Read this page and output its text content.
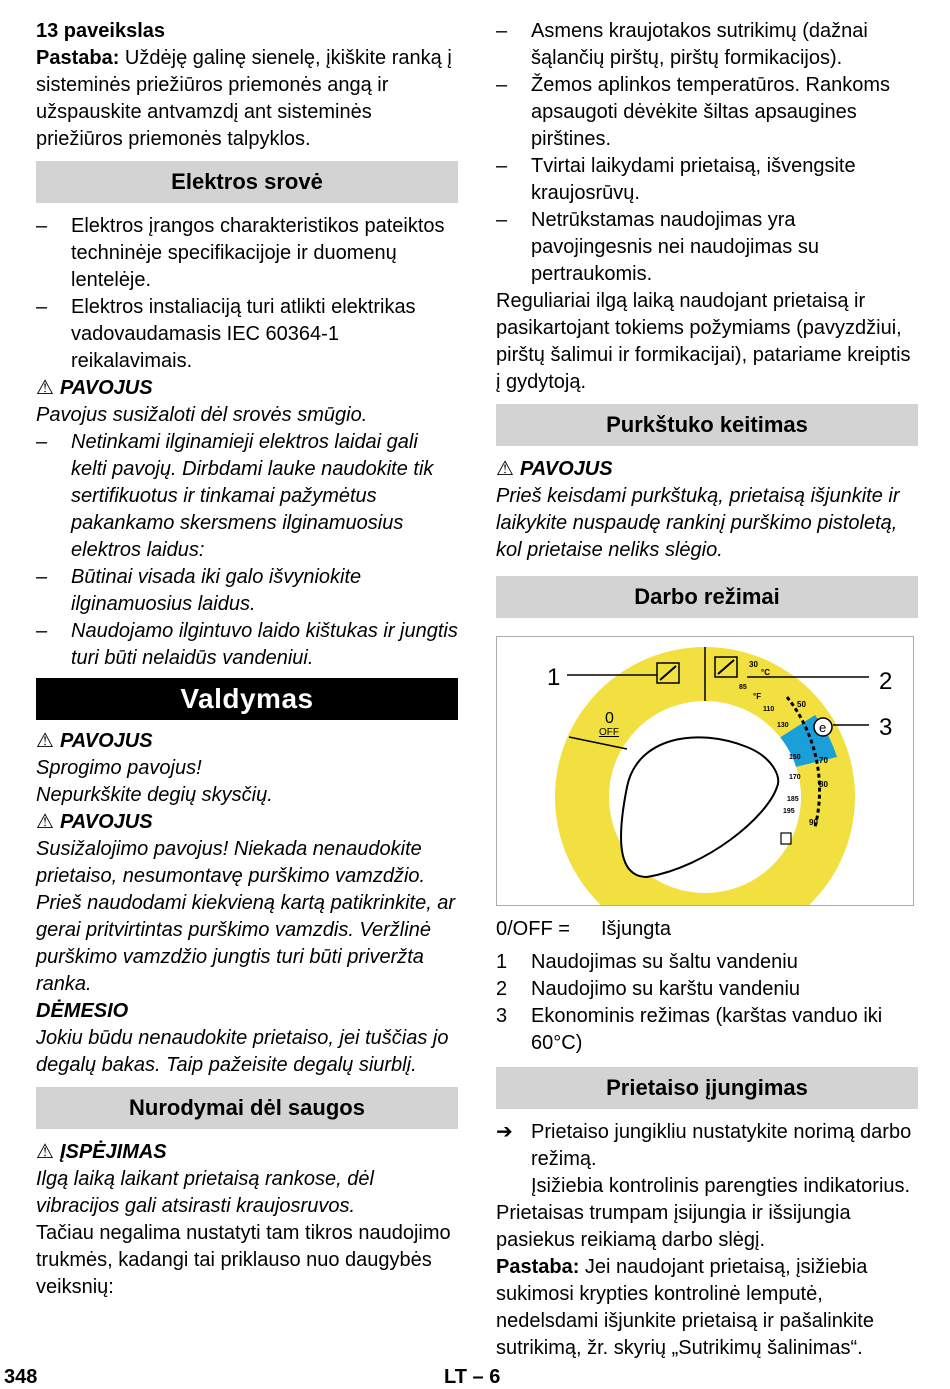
13 paveikslas

Pastaba: Uždėję galinę sienelę, įkiškite ranką į sisteminės priežiūros priemonės angą ir užspauskite antvamzdį ant sisteminės priežiūros priemonės talpyklos.

Elektros srovė
– Elektros įrangos charakteristikos pateiktos techninėje specifikacijoje ir duomenų lentelėje.
– Elektros instaliaciją turi atlikti elektrikas vadovaudamasis IEC 60364-1 reikalavimais.
⚠ PAVOJUS

Pavojus susižaloti dėl srovės smūgio.

– Netinkami ilginamieji elektros laidai gali kelti pavojų. Dirbdami lauke naudokite tik sertifikuotus ir tinkamai pažymėtus pakankamo skersmens ilginamuosius elektros laidus:
– Būtinai visada iki galo išvyniokite ilginamuosius laidus.
– Naudojamo ilgintuvo laido kištukas ir jungtis turi būti nelaidūs vandeniui.
Valdymas
⚠ PAVOJUS

Sprogimo pavojus!

Nepurkškite degių skysčių.

⚠ PAVOJUS

Susižalojimo pavojus! Niekada nenaudokite prietaiso, nesumontavę purškimo vamzdžio. Prieš naudodami kiekvieną kartą patikrinkite, ar gerai pritvirtintas purškimo vamzdis. Veržlinė purškimo vamzdžio jungtis turi būti priveržta ranka.

DĖMESIO

Jokiu būdu nenaudokite prietaiso, jei tuščias jo degalų bakas. Taip pažeisite degalų siurblį.

Nurodymai dėl saugos
⚠ ĮSPĖJIMAS

Ilgą laiką laikant prietaisą rankose, dėl vibracijos gali atsirasti kraujosruvos.

Tačiau negalima nustatyti tam tikros naudojimo trukmės, kadangi tai priklauso nuo daugybės veiksnių:

– Asmens kraujotakos sutrikimų (dažnai šąlančių pirštų, pirštų formikacijos).
– Žemos aplinkos temperatūros. Rankoms apsaugoti dėvėkite šiltas apsaugines pirštines.
– Tvirtai laikydami prietaisą, išvengsite kraujosrūvų.
– Netrūkstamas naudojimas yra pavojingesnis nei naudojimas su pertraukomis.

Reguliariai ilgą laiką naudojant prietaisą ir pasikartojant tokiems požymiams (pavyzdžiui, pirštų šalimui ir formikacijai), patariame kreiptis į gydytoją.

Purkštuko keitimas
⚠ PAVOJUS

Prieš keisdami purkštuką, prietaisą išjunkite ir laikykite nuspaudę rankinį purškimo pistoletą, kol prietaise neliks slėgio.

Darbo režimai
1	2
3
e
0
OFF
°C
°F
30
50
70
80
90
85
110
130
150
170
185
195
0/OFF = Išjungta
1 Naudojimas su šaltu vandeniu
2 Naudojimo su karštu vandeniu
3 Ekonominis režimas (karštas vanduo iki 60°C)
Prietaiso įjungimas
➔ Prietaiso jungikliu nustatykite norimą darbo režimą.
Įsižiebia kontrolinis parengties indikatorius.

Prietaisas trumpam įsijungia ir išsijungia pasiekus reikiamą darbo slėgį.

Pastaba: Jei naudojant prietaisą, įsižiebia sukimosi krypties kontrolinė lemputė, nedelsdami išjunkite prietaisą ir pašalinkite sutrikimą, žr. skyrių „Sutrikimų šalinimas“.

348	LT – 6
